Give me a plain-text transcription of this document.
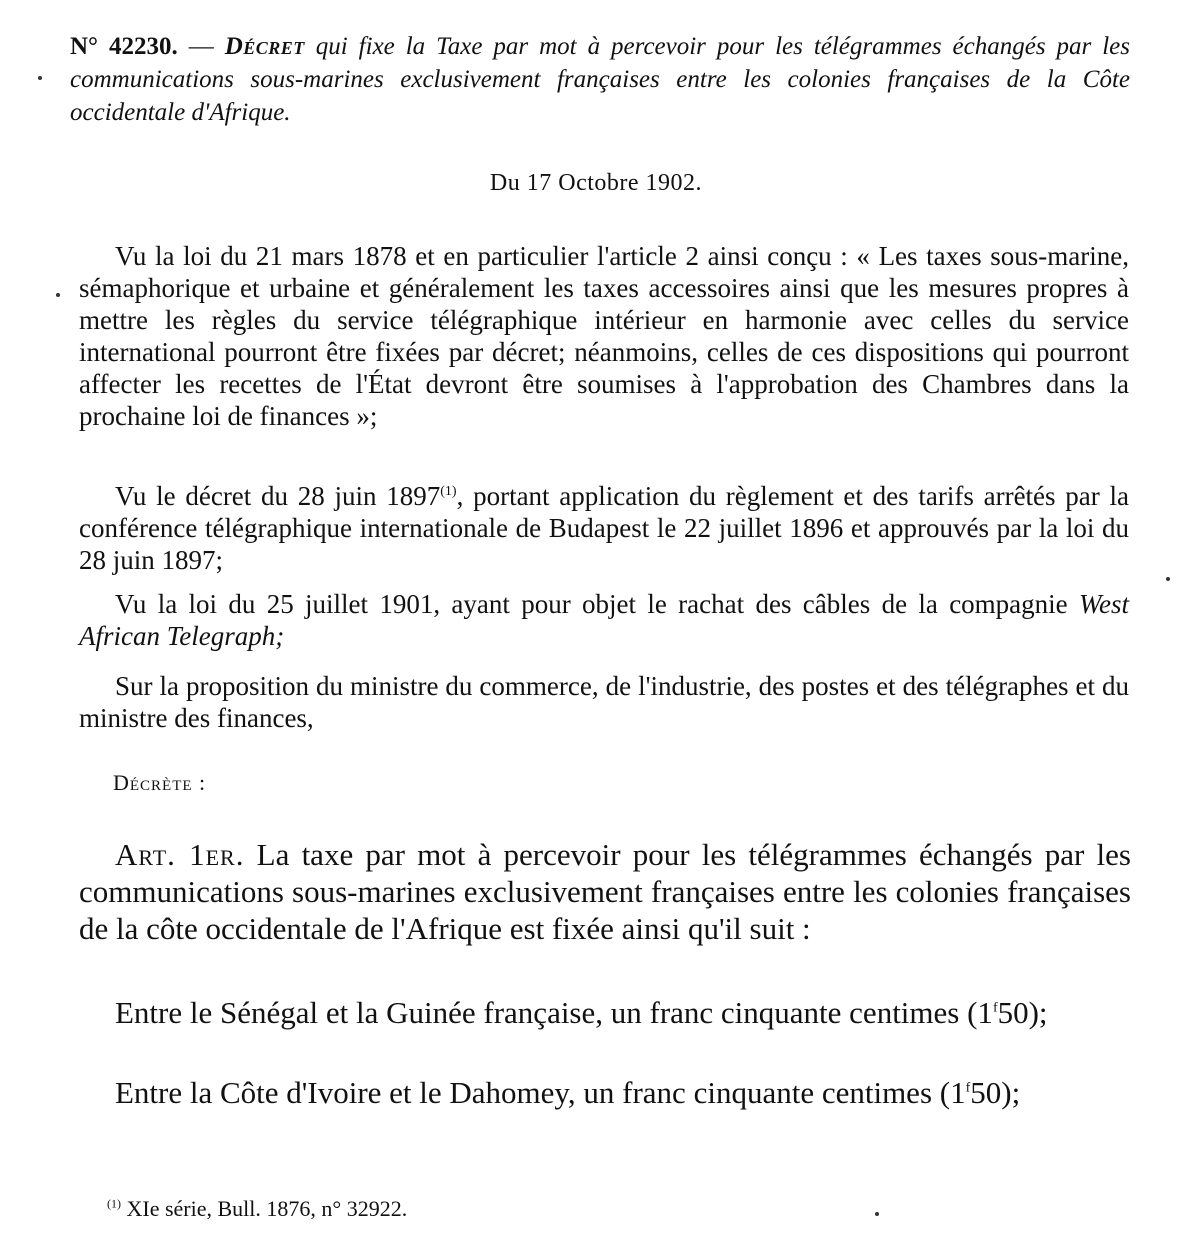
N° 42230. — Décret qui fixe la Taxe par mot à percevoir pour les télégrammes échangés par les communications sous-marines exclusivement françaises entre les colonies françaises de la Côte occidentale d'Afrique.
Du 17 Octobre 1902.
Vu la loi du 21 mars 1878 et en particulier l'article 2 ainsi conçu : « Les taxes sous-marine, sémaphorique et urbaine et généralement les taxes accessoires ainsi que les mesures propres à mettre les règles du service télégraphique intérieur en harmonie avec celles du service international pourront être fixées par décret; néanmoins, celles de ces dispositions qui pourront affecter les recettes de l'État devront être soumises à l'approbation des Chambres dans la prochaine loi de finances »;
Vu le décret du 28 juin 1897$^{(1)}$, portant application du règlement et des tarifs arrêtés par la conférence télégraphique internationale de Budapest le 22 juillet 1896 et approuvés par la loi du 28 juin 1897;
Vu la loi du 25 juillet 1901, ayant pour objet le rachat des câbles de la compagnie West African Telegraph;
Sur la proposition du ministre du commerce, de l'industrie, des postes et des télégraphes et du ministre des finances,
Décrète :
Art. 1er. La taxe par mot à percevoir pour les télégrammes échangés par les communications sous-marines exclusivement françaises entre les colonies françaises de la côte occidentale de l'Afrique est fixée ainsi qu'il suit :
Entre le Sénégal et la Guinée française, un franc cinquante centimes (1$^f$50);
Entre la Côte d'Ivoire et le Dahomey, un franc cinquante centimes (1$^f$50);
$^{(1)}$ XIe série, Bull. 1876, n° 32922.
